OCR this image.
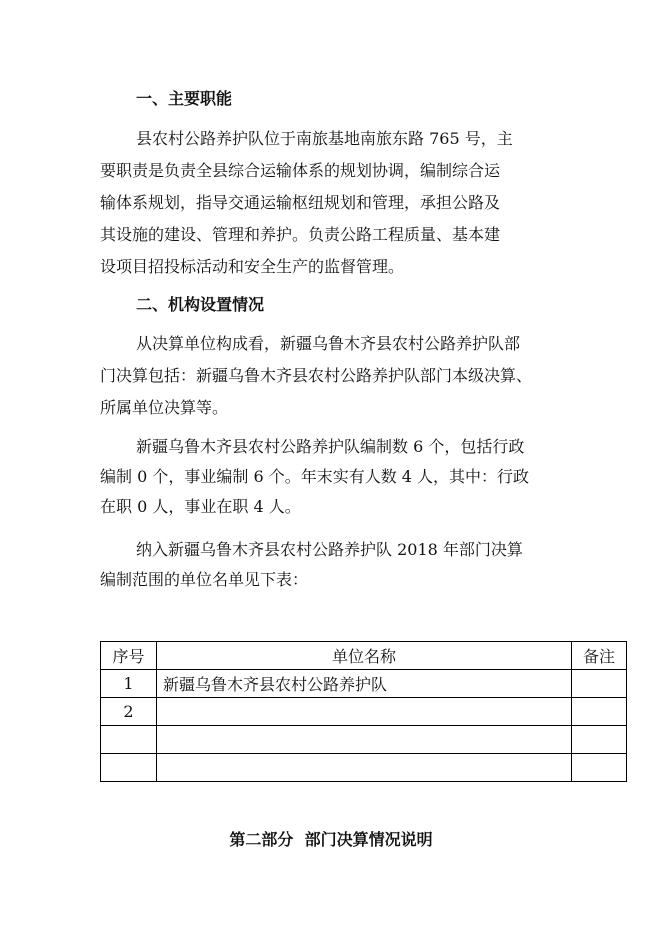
一、主要职能
县农村公路养护队位于南旅基地南旅东路 765 号，主
要职责是负责全县综合运输体系的规划协调，编制综合运
输体系规划，指导交通运输枢纽规划和管理，承担公路及
其设施的建设、管理和养护。负责公路工程质量、基本建
设项目招投标活动和安全生产的监督管理。
二、机构设置情况
从决算单位构成看，新疆乌鲁木齐县农村公路养护队部
门决算包括：新疆乌鲁木齐县农村公路养护队部门本级决算、
所属单位决算等。
新疆乌鲁木齐县农村公路养护队编制数 6 个，包括行政
编制 0 个，事业编制 6 个。年末实有人数 4 人，其中：行政
在职 0 人，事业在职 4 人。
纳入新疆乌鲁木齐县农村公路养护队 2018 年部门决算
编制范围的单位名单见下表：
序号	单位名称	备注
1	新疆乌鲁木齐县农村公路养护队	
2		

第二部分  部门决算情况说明
